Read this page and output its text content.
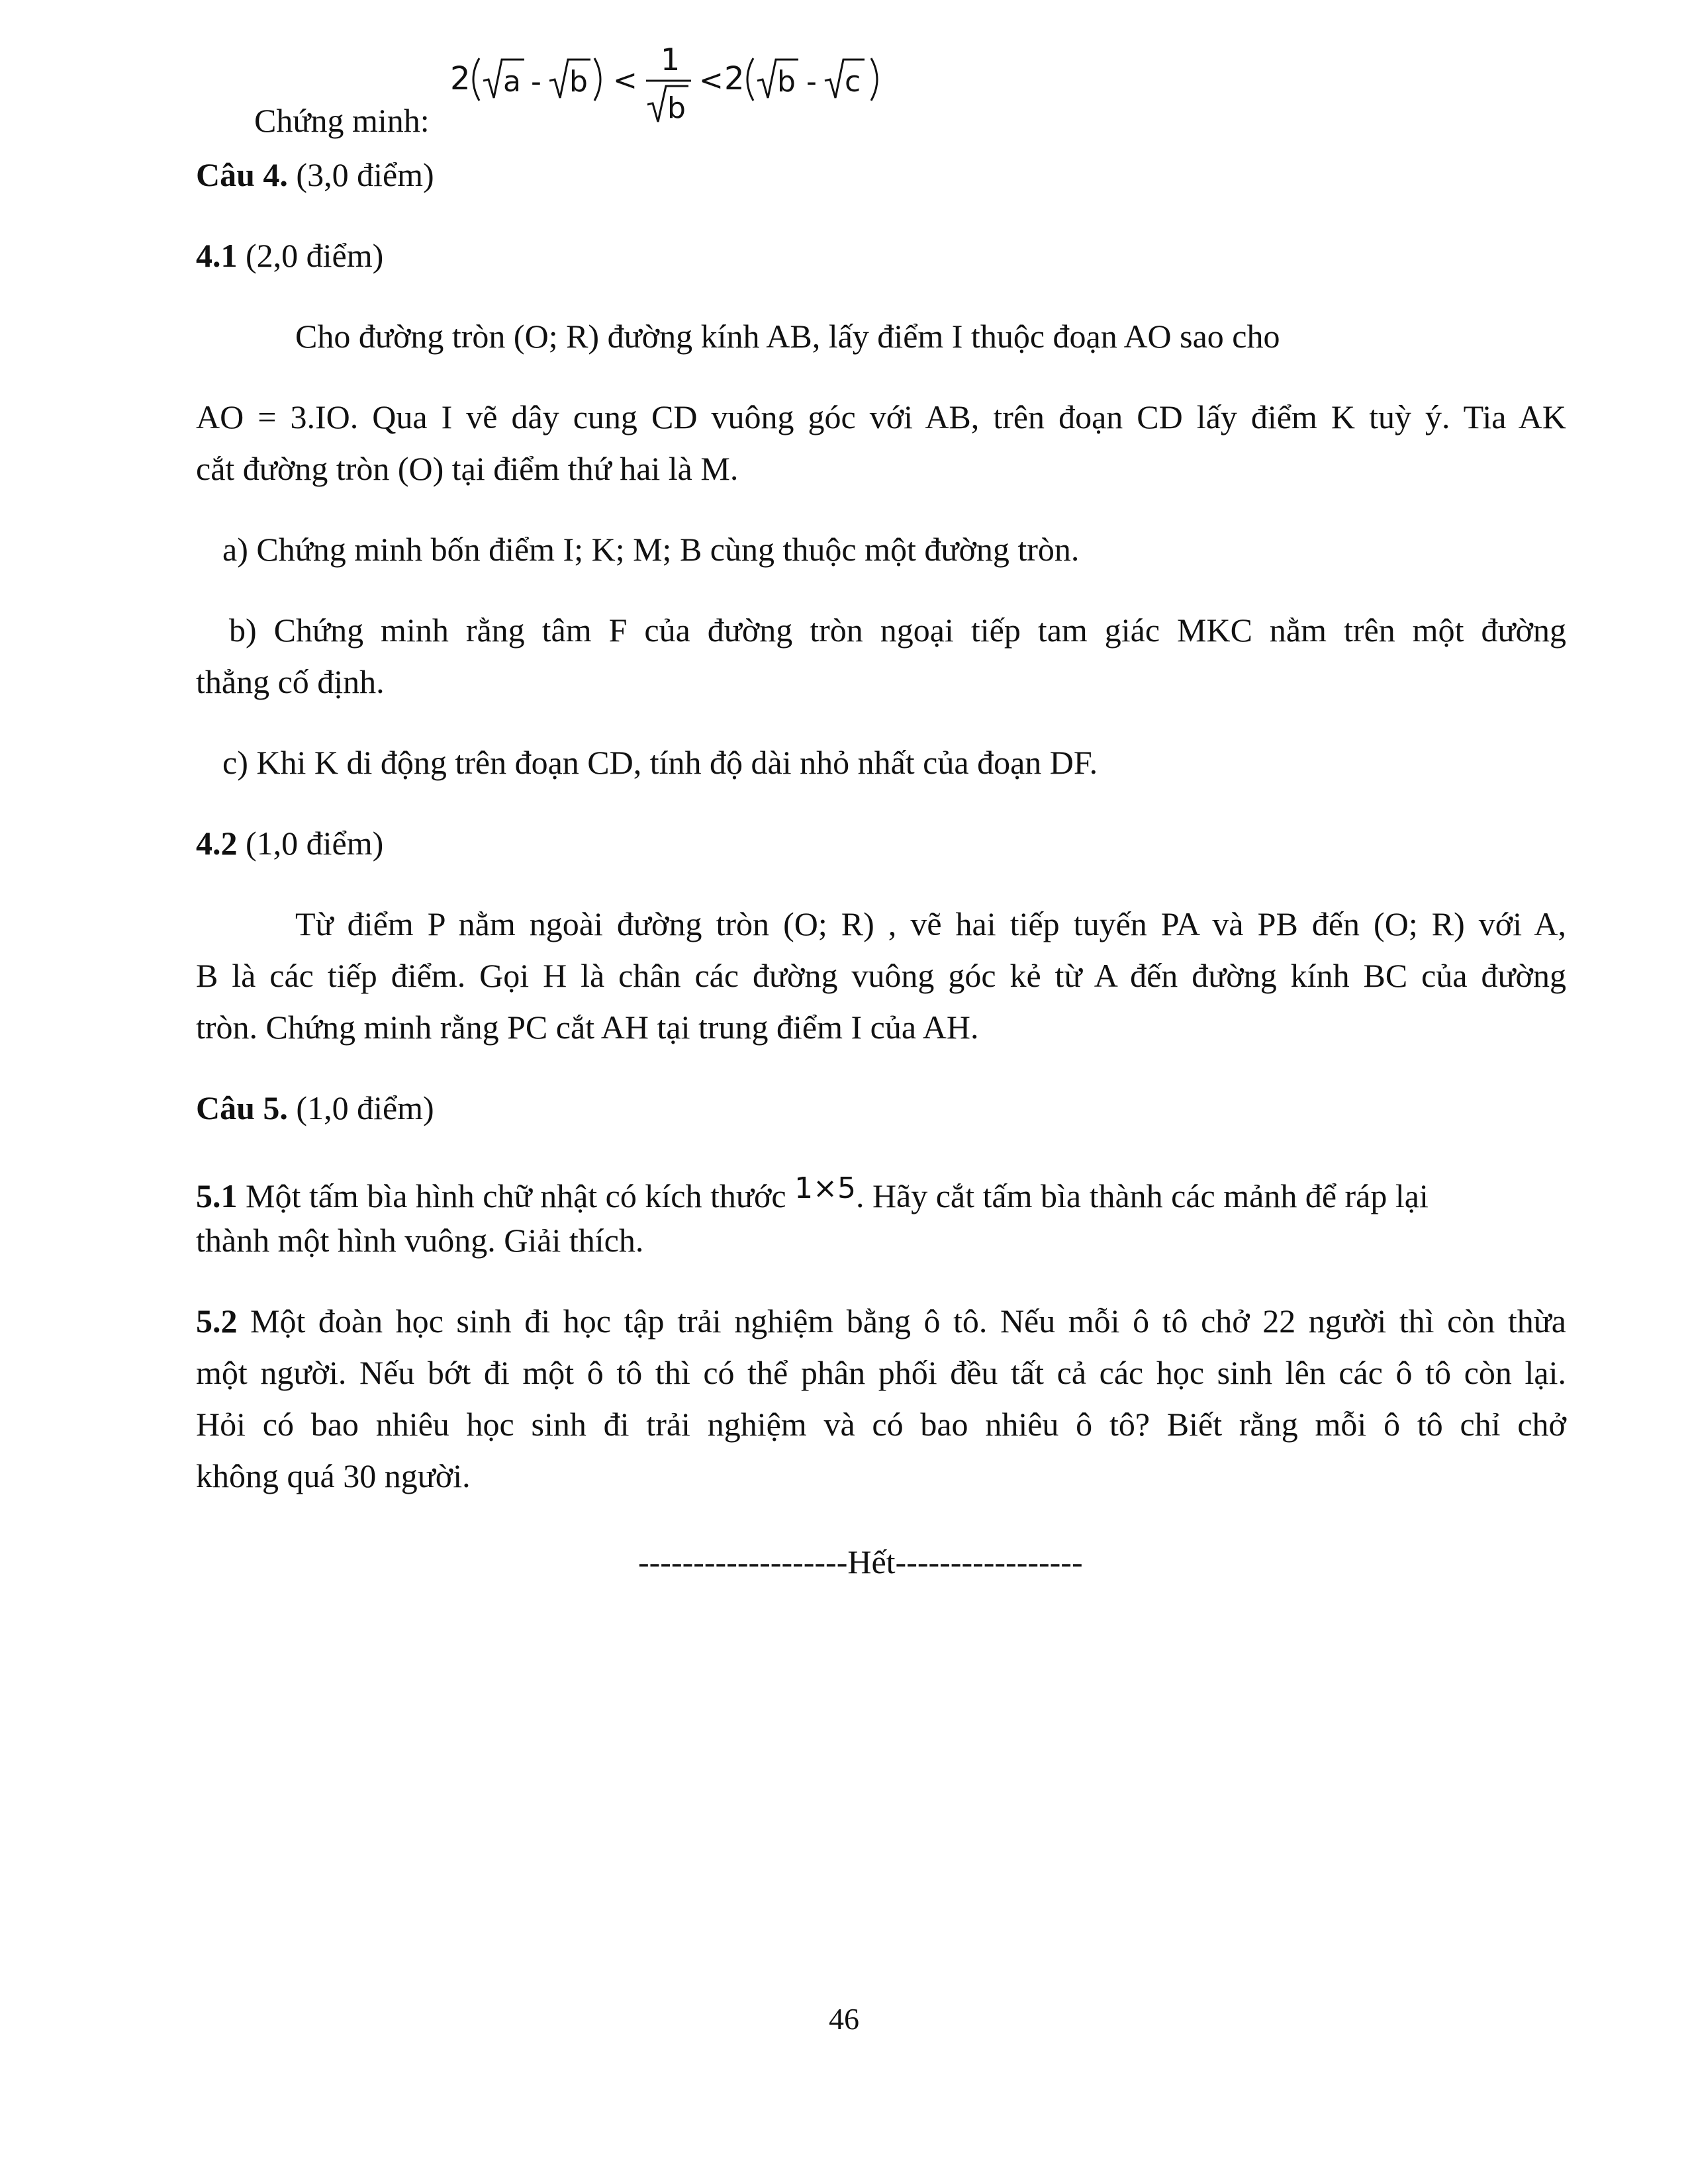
2 a - b <
1
b
< 2 b - c
Chứng minh:
Câu 4. (3,0 điểm)
4.1 (2,0 điểm)
Cho đường tròn (O; R) đường kính AB, lấy điểm I thuộc đoạn AO sao cho
AO = 3.IO. Qua I vẽ dây cung CD vuông góc với AB, trên đoạn CD lấy điểm K tuỳ ý. Tia AK
cắt đường tròn (O) tại điểm thứ hai là M.
a) Chứng minh bốn điểm I; K; M; B cùng thuộc một đường tròn.
b) Chứng minh rằng tâm F của đường tròn ngoại tiếp tam giác MKC nằm trên một đường
thẳng cố định.
c) Khi K di động trên đoạn CD, tính độ dài nhỏ nhất của đoạn DF.
4.2 (1,0 điểm)
Từ điểm P nằm ngoài đường tròn (O; R) , vẽ hai tiếp tuyến PA và PB đến (O; R) với A,
B là các tiếp điểm. Gọi H là chân các đường vuông góc kẻ từ A đến đường kính BC của đường
tròn. Chứng minh rằng PC cắt AH tại trung điểm I của AH.
Câu 5. (1,0 điểm)
5.1 Một tấm bìa hình chữ nhật có kích thước 1×5. Hãy cắt tấm bìa thành các mảnh để ráp lại
thành một hình vuông. Giải thích.
5.2 Một đoàn học sinh đi học tập trải nghiệm bằng ô tô. Nếu mỗi ô tô chở 22 người thì còn thừa
một người. Nếu bớt đi một ô tô thì có thể phân phối đều tất cả các học sinh lên các ô tô còn lại.
Hỏi có bao nhiêu học sinh đi trải nghiệm và có bao nhiêu ô tô? Biết rằng mỗi ô tô chỉ chở
không quá 30 người.
-------------------Hết-----------------
46
